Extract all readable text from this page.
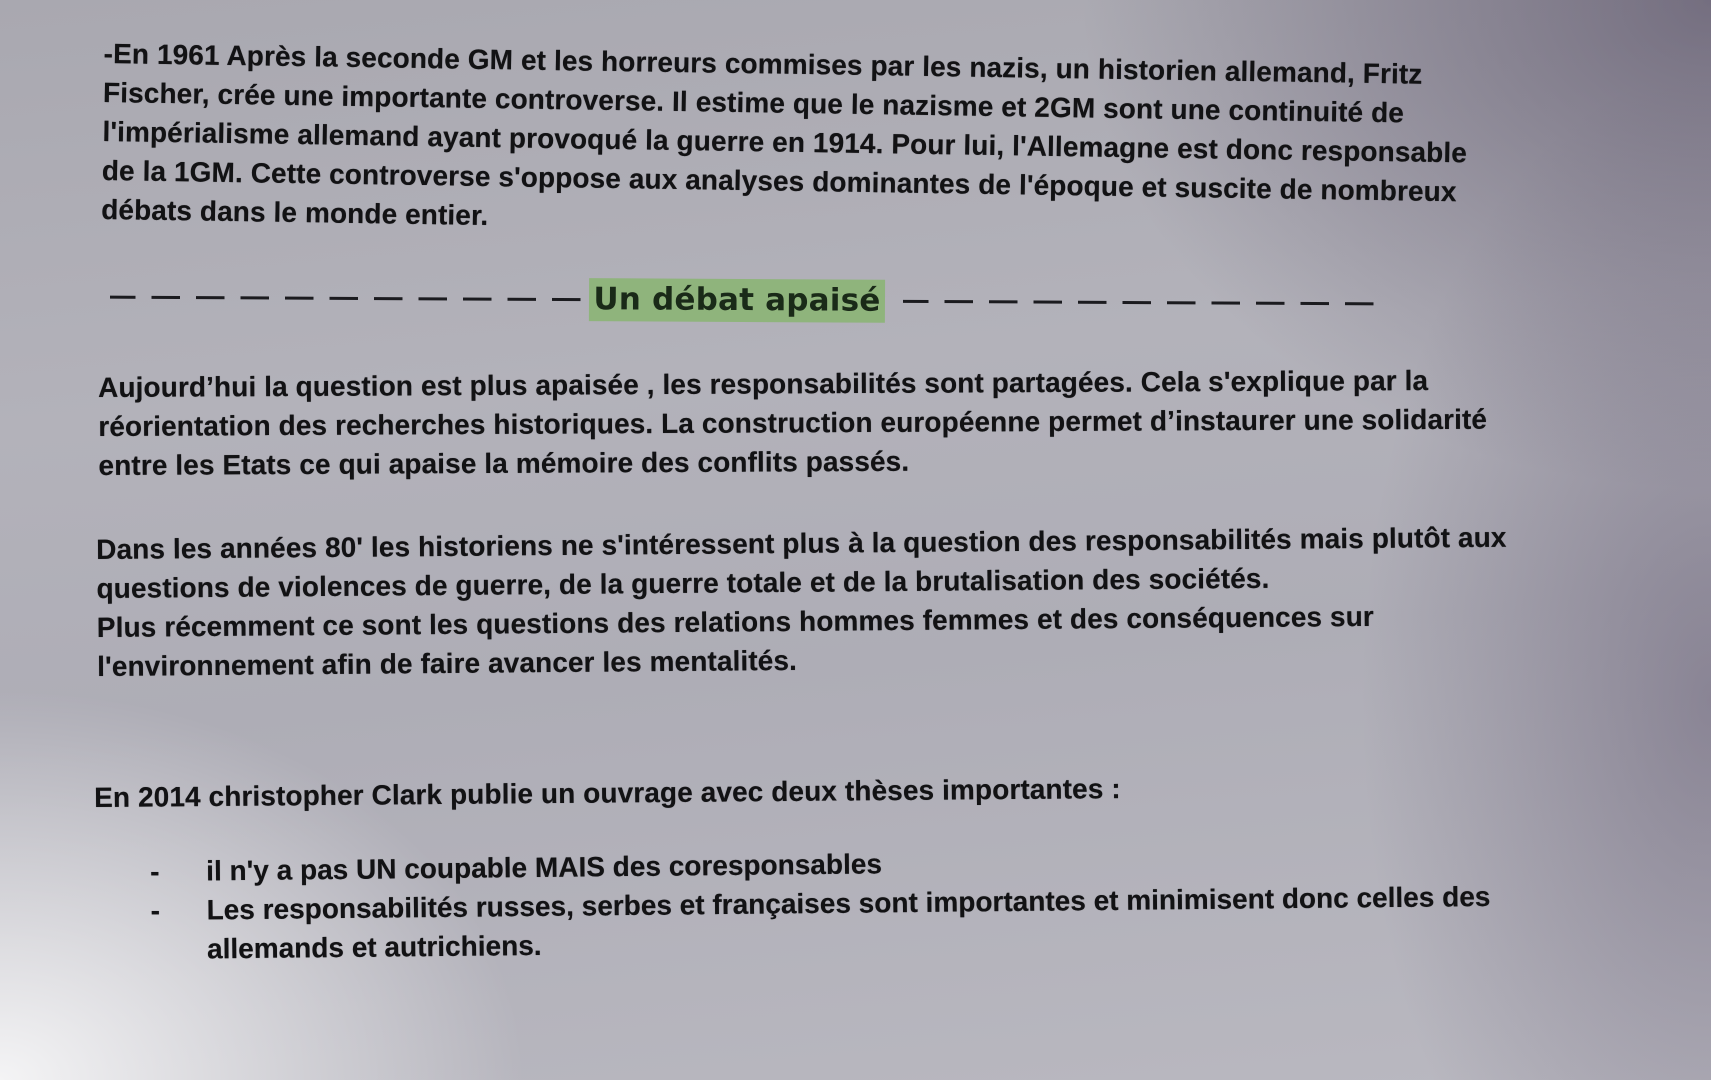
-En 1961 Après la seconde GM et les horreurs commises par les nazis, un historien allemand, Fritz Fischer, crée une importante controverse. Il estime que le nazisme et 2GM sont une continuité de l'impérialisme allemand ayant provoqué la guerre en 1914. Pour lui, l'Allemagne est donc responsable de la 1GM. Cette controverse s'oppose aux analyses dominantes de l'époque et suscite de nombreux débats dans le monde entier.

Un débat apaisé

Aujourd’hui la question est plus apaisée , les responsabilités sont partagées. Cela s'explique par la réorientation des recherches historiques. La construction européenne permet d’instaurer une solidarité entre les Etats ce qui apaise la mémoire des conflits passés.

Dans les années 80' les historiens ne s'intéressent plus à la question des responsabilités mais plutôt aux questions de violences de guerre, de la guerre totale et de la brutalisation des sociétés.
Plus récemment ce sont les questions des relations hommes femmes et des conséquences sur l'environnement afin de faire avancer les mentalités.

En 2014 christopher Clark publie un ouvrage avec deux thèses importantes :

-	il n'y a pas UN coupable MAIS des coresponsables
-	Les responsabilités russes, serbes et françaises sont importantes et minimisent donc celles des allemands et autrichiens.
